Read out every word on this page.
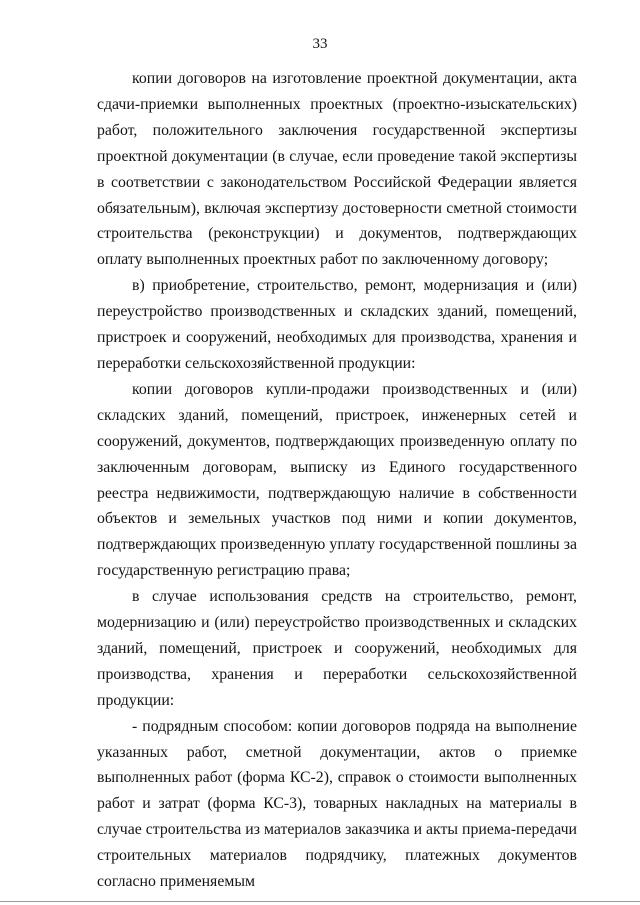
33

копии договоров на изготовление проектной документации, акта сдачи-приемки выполненных проектных (проектно-изыскательских) работ, положительного заключения государственной экспертизы проектной документации (в случае, если проведение такой экспертизы в соответствии с законодательством Российской Федерации является обязательным), включая экспертизу достоверности сметной стоимости строительства (реконструкции) и документов, подтверждающих оплату выполненных проектных работ по заключенному договору;

в) приобретение, строительство, ремонт, модернизация и (или) переустройство производственных и складских зданий, помещений, пристроек и сооружений, необходимых для производства, хранения и переработки сельскохозяйственной продукции:

копии договоров купли-продажи производственных и (или) складских зданий, помещений, пристроек, инженерных сетей и сооружений, документов, подтверждающих произведенную оплату по заключенным договорам, выписку из Единого государственного реестра недвижимости, подтверждающую наличие в собственности объектов и земельных участков под ними и копии документов, подтверждающих произведенную уплату государственной пошлины за государственную регистрацию права;

в случае использования средств на строительство, ремонт, модернизацию и (или) переустройство производственных и складских зданий, помещений, пристроек и сооружений, необходимых для производства, хранения и переработки сельскохозяйственной продукции:

- подрядным способом: копии договоров подряда на выполнение указанных работ, сметной документации, актов о приемке выполненных работ (форма КС-2), справок о стоимости выполненных работ и затрат (форма КС-3), товарных накладных на материалы в случае строительства из материалов заказчика и акты приема-передачи строительных материалов подрядчику, платежных документов согласно применяемым
